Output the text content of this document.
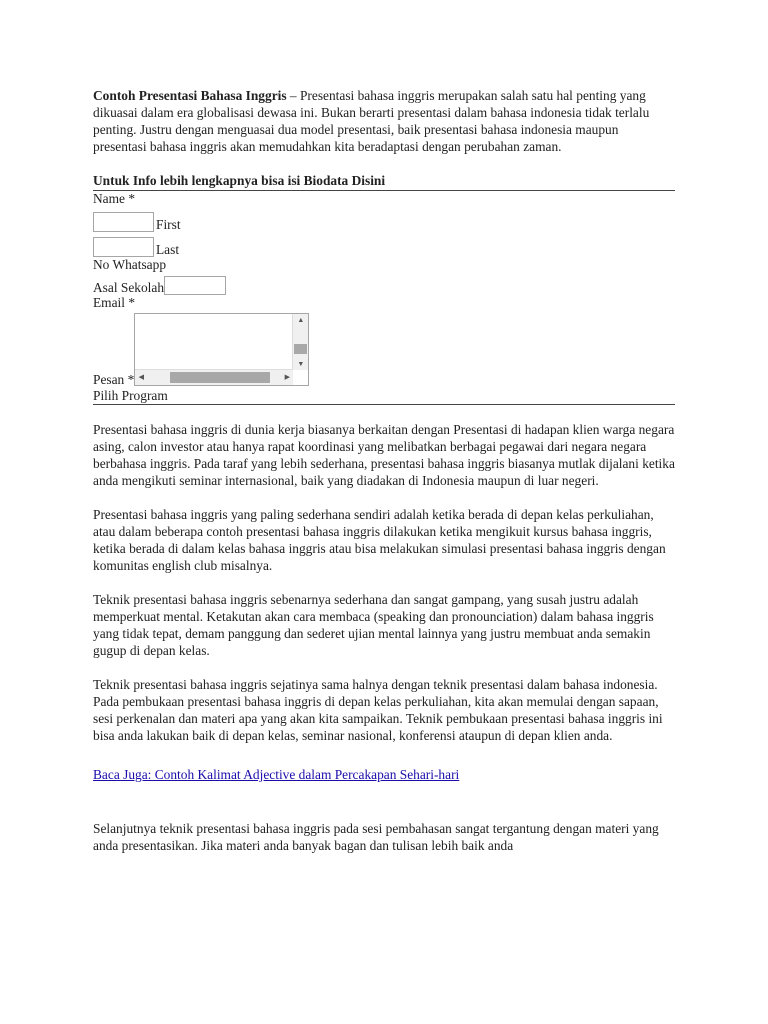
Contoh Presentasi Bahasa Inggris – Presentasi bahasa inggris merupakan salah satu hal penting yang dikuasai dalam era globalisasi dewasa ini. Bukan berarti presentasi dalam bahasa indonesia tidak terlalu penting. Justru dengan menguasai dua model presentasi, baik presentasi bahasa indonesia maupun presentasi bahasa inggris akan memudahkan kita beradaptasi dengan perubahan zaman.

Untuk Info lebih lengkapnya bisa isi Biodata Disini
Name *
First
Last
No Whatsapp
Asal Sekolah
Email *
Pesan *
▲
▼
◀	▶
Pilih Program

Presentasi bahasa inggris di dunia kerja biasanya berkaitan dengan Presentasi di hadapan klien warga negara asing, calon investor atau hanya rapat koordinasi yang melibatkan berbagai pegawai dari negara negara berbahasa inggris. Pada taraf yang lebih sederhana, presentasi bahasa inggris biasanya mutlak dijalani ketika anda mengikuti seminar internasional, baik yang diadakan di Indonesia maupun di luar negeri.

Presentasi bahasa inggris yang paling sederhana sendiri adalah ketika berada di depan kelas perkuliahan, atau dalam beberapa contoh presentasi bahasa inggris dilakukan ketika mengikuit kursus bahasa inggris, ketika berada di dalam kelas bahasa inggris atau bisa melakukan simulasi presentasi bahasa inggris dengan komunitas english club misalnya.

Teknik presentasi bahasa inggris sebenarnya sederhana dan sangat gampang, yang susah justru adalah memperkuat mental. Ketakutan akan cara membaca (speaking dan pronounciation) dalam bahasa inggris yang tidak tepat, demam panggung dan sederet ujian mental lainnya yang justru membuat anda semakin gugup di depan kelas.

Teknik presentasi bahasa inggris sejatinya sama halnya dengan teknik presentasi dalam bahasa indonesia. Pada pembukaan presentasi bahasa inggris di depan kelas perkuliahan, kita akan memulai dengan sapaan, sesi perkenalan dan materi apa yang akan kita sampaikan. Teknik pembukaan presentasi bahasa inggris ini bisa anda lakukan baik di depan kelas, seminar nasional, konferensi ataupun di depan klien anda.

Baca Juga: Contoh Kalimat Adjective dalam Percakapan Sehari-hari

Selanjutnya teknik presentasi bahasa inggris pada sesi pembahasan sangat tergantung dengan materi yang anda presentasikan. Jika materi anda banyak bagan dan tulisan lebih baik anda
